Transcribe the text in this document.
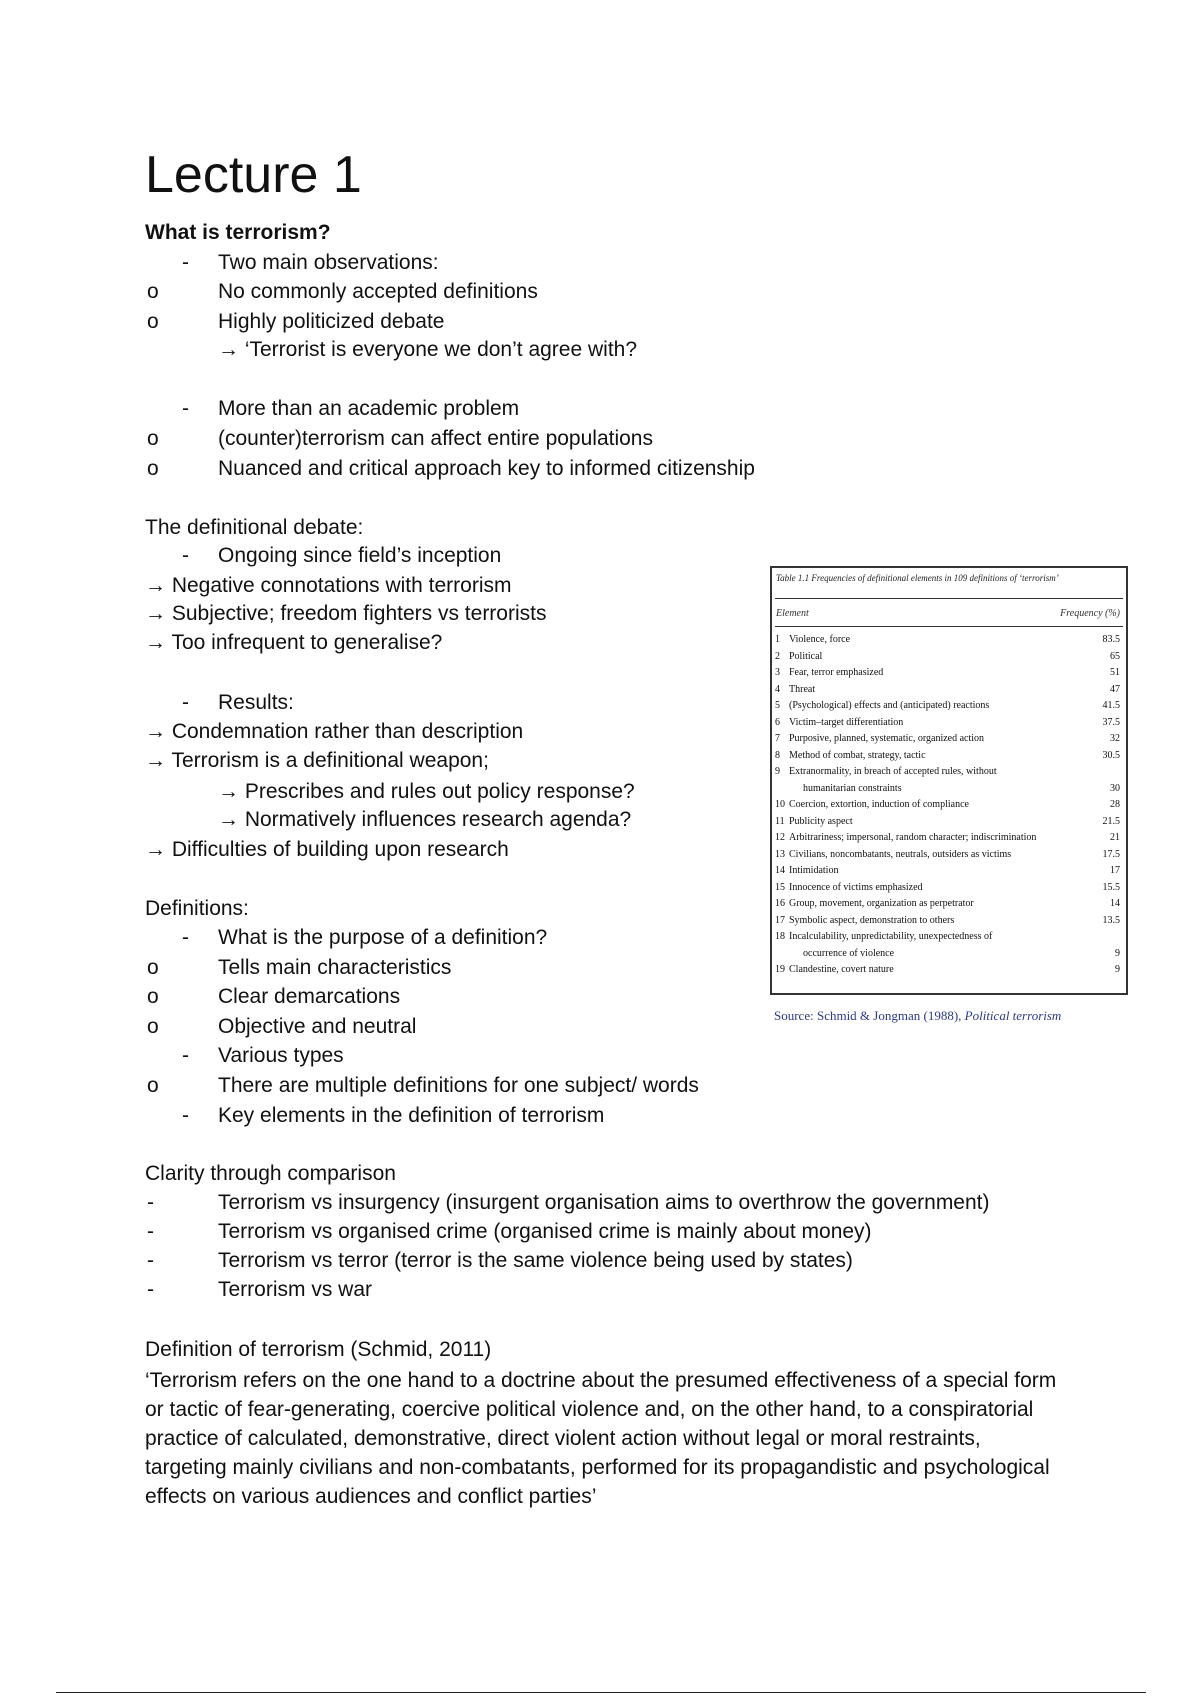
Lecture 1
What is terrorism?
- Two main observations:
o	No commonly accepted definitions
o	Highly politicized debate
→ ‘Terrorist is everyone we don’t agree with?
- More than an academic problem
o	(counter)terrorism can affect entire populations
o	Nuanced and critical approach key to informed citizenship
The definitional debate:
- Ongoing since field’s inception
→ Negative connotations with terrorism
→ Subjective; freedom fighters vs terrorists
→ Too infrequent to generalise?
- Results:
→ Condemnation rather than description
→ Terrorism is a definitional weapon;
→ Prescribes and rules out policy response?
→ Normatively influences research agenda?
→ Difficulties of building upon research
Definitions:
- What is the purpose of a definition?
o	Tells main characteristics
o	Clear demarcations
o	Objective and neutral
- Various types
o	There are multiple definitions for one subject/ words
- Key elements in the definition of terrorism
Clarity through comparison
-	Terrorism vs insurgency (insurgent organisation aims to overthrow the government)
-	Terrorism vs organised crime (organised crime is mainly about money)
-	Terrorism vs terror (terror is the same violence being used by states)
-	Terrorism vs war
Definition of terrorism (Schmid, 2011)
‘Terrorism refers on the one hand to a doctrine about the presumed effectiveness of a special form or tactic of fear-generating, coercive political violence and, on the other hand, to a conspiratorial practice of calculated, demonstrative, direct violent action without legal or moral restraints, targeting mainly civilians and non-combatants, performed for its propagandistic and psychological effects on various audiences and conflict parties’
Table 1.1 Frequencies of definitional elements in 109 definitions of ‘terrorism’
Element	Frequency (%)
1 Violence, force	83.5
2 Political	65
3 Fear, terror emphasized	51
4 Threat	47
5 (Psychological) effects and (anticipated) reactions	41.5
6 Victim–target differentiation	37.5
7 Purposive, planned, systematic, organized action	32
8 Method of combat, strategy, tactic	30.5
9 Extranormality, in breach of accepted rules, without
humanitarian constraints	30
10 Coercion, extortion, induction of compliance	28
11 Publicity aspect	21.5
12 Arbitrariness; impersonal, random character; indiscrimination	21
13 Civilians, noncombatants, neutrals, outsiders as victims	17.5
14 Intimidation	17
15 Innocence of victims emphasized	15.5
16 Group, movement, organization as perpetrator	14
17 Symbolic aspect, demonstration to others	13.5
18 Incalculability, unpredictability, unexpectedness of
occurrence of violence	9
19 Clandestine, covert nature	9
Source: Schmid & Jongman (1988), Political terrorism
